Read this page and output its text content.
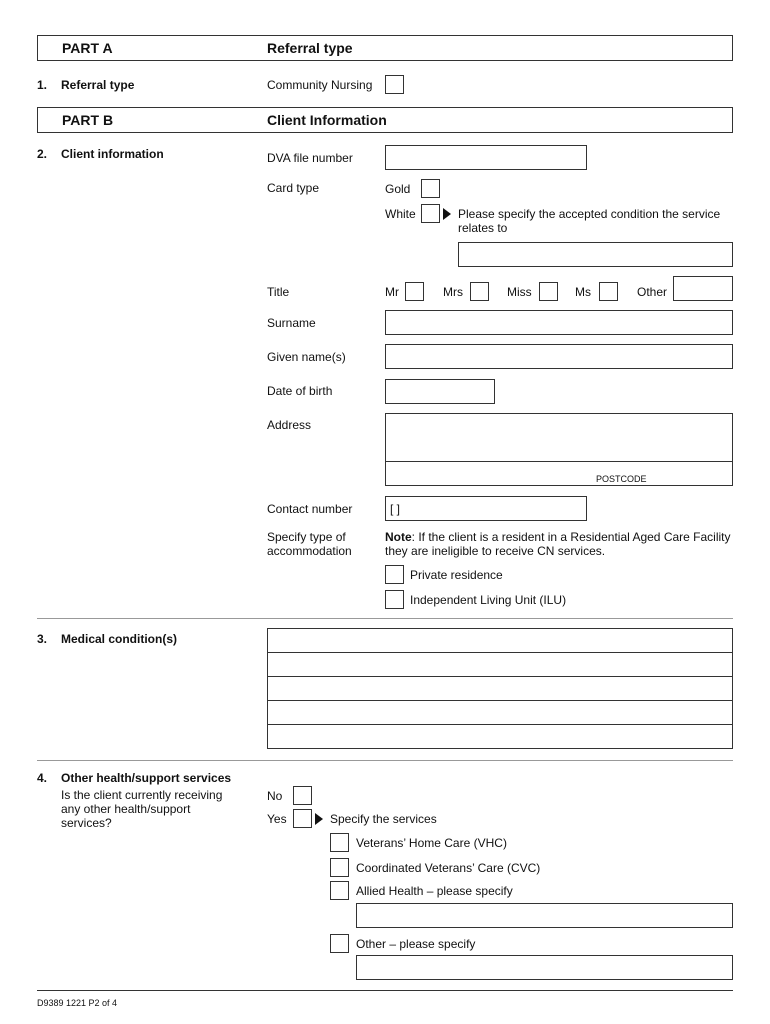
PART A	Referral type
1. Referral type	Community Nursing
PART B	Client Information
2. Client information	DVA file number
Card type	Gold
White	Please specify the accepted condition the service relates to
Title	Mr	Mrs	Miss	Ms	Other
Surname
Given name(s)
Date of birth
Address
POSTCODE
Contact number	[ ]
Specify type of accommodation
Note: If the client is a resident in a Residential Aged Care Facility they are ineligible to receive CN services.
Private residence
Independent Living Unit (ILU)
3. Medical condition(s)
4. Other health/support services
Is the client currently receiving any other health/support services?
No
Yes	Specify the services
Veterans’ Home Care (VHC)
Coordinated Veterans’ Care (CVC)
Allied Health – please specify
Other – please specify
D9389 1221 P2 of 4
